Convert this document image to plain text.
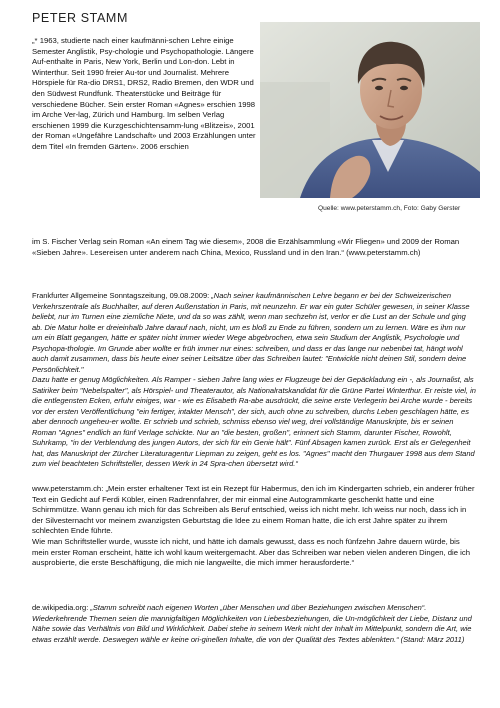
PETER STAMM

„* 1963, studierte nach einer kaufmänni-schen Lehre einige Semester Anglistik, Psy-chologie und Psychopathologie. Längere Auf-enthalte in Paris, New York, Berlin und Lon-don. Lebt in Winterthur. Seit 1990 freier Au-tor und Journalist. Mehrere Hörspiele für Ra-dio DRS1, DRS2, Radio Bremen, den WDR und den Südwest Rundfunk. Theaterstücke und Beiträge für verschiedene Bücher. Sein erster Roman «Agnes» erschien 1998 im Arche Ver-lag, Zürich und Hamburg. Im selben Verlag erschienen 1999 die Kurzgeschichtensamm-lung «Blitzeis», 2001 der Roman «Ungefähre Landschaft» und 2003 Erzählungen unter dem Titel «In fremden Gärten». 2006 erschien

Quelle: www.peterstamm.ch, Foto: Gaby Gerster

im S. Fischer Verlag sein Roman «An einem Tag wie diesem», 2008 die Erzählsammlung «Wir Fliegen» und 2009 der Roman «Sieben Jahre». Lesereisen unter anderem nach China, Mexico, Russland und in den Iran.“ (www.peterstamm.ch)

Frankfurter Allgemeine Sonntagszeitung, 09.08.2009: „Nach seiner kaufmännischen Lehre begann er bei der Schweizerischen Verkehrszentrale als Buchhalter, auf deren Außenstation in Paris, mit neunzehn. Er war ein guter Schüler gewesen, in seiner Klasse beliebt, nur im Turnen eine ziemliche Niete, und da so was zählt, wenn man sechzehn ist, verlor er die Lust an der Schule und ging ab. Die Matur holte er dreieinhalb Jahre darauf nach, nicht, um es bloß zu Ende zu führen, sondern um zu lernen. Wäre es ihm nur um ein Blatt gegangen, hätte er später nicht immer wieder Wege abgebrochen, etwa sein Studium der Anglistik, Psychologie und Psychopa-thologie. Im Grunde aber wollte er früh immer nur eines: schreiben, und dass er das lange nur nebenbei tat, hängt wohl auch damit zusammen, dass bis heute einer seiner Leitsätze über das Schreiben lautet: "Entwickle nicht deinen Stil, sondern deine Persönlichkeit."
Dazu hatte er genug Möglichkeiten. Als Ramper - sieben Jahre lang wies er Flugzeuge bei der Gepäckladung ein -, als Journalist, als Satiriker beim "Nebelspalter", als Hörspiel- und Theaterautor, als Nationalratskandidat für die Grüne Partei Winterthur. Er reiste viel, in die entlegensten Ecken, erfuhr einiges, war - wie es Elisabeth Ra-abe ausdrückt, die seine erste Verlegerin bei Arche wurde - bereits vor der ersten Veröffentlichung "ein fertiger, intakter Mensch", der sich, auch ohne zu schreiben, durchs Leben geschlagen hätte, es aber dennoch ungeheu-er wollte. Er schrieb und schrieb, schmiss ebenso viel weg, drei vollständige Manuskripte, bis er seinen Roman "Agnes" endlich an fünf Verlage schickte. Nur an "die besten, großen", erinnert sich Stamm, darunter Fischer, Rowohlt, Suhrkamp, "in der Verblendung des jungen Autors, der sich für ein Genie hält". Fünf Absagen kamen zurück. Erst als er Gelegenheit hat, das Manuskript der Zürcher Literaturagentur Liepman zu zeigen, geht es los. "Agnes" macht den Thurgauer 1998 aus dem Stand zum viel beachteten Schriftsteller, dessen Werk in 24 Spra-chen übersetzt wird.“

www.peterstamm.ch: „Mein erster erhaltener Text ist ein Rezept für Habermus, den ich im Kindergarten schrieb, ein anderer früher Text ein Gedicht auf Ferdi Kübler, einen Radrennfahrer, der mir einmal eine Autogrammkarte geschenkt hatte und eine Schirmmütze. Wann genau ich mich für das Schreiben als Beruf entschied, weiss ich nicht mehr. Ich weiss nur noch, dass ich in der Silvesternacht vor meinem zwanzigsten Geburtstag die Idee zu einem Roman hatte, die ich erst Jahre später zu ihrem schlechten Ende führte.

Wie man Schriftsteller wurde, wusste ich nicht, und hätte ich damals gewusst, dass es noch fünfzehn Jahre dauern würde, bis mein erster Roman erscheint, hätte ich wohl kaum weitergemacht. Aber das Schreiben war neben vielen anderen Dingen, die ich ausprobierte, die erste Beschäftigung, die mich nie langweilte, die mich immer herausforderte.“

de.wikipedia.org: „Stamm schreibt nach eigenen Worten „über Menschen und über Beziehungen zwischen Menschen“. Wiederkehrende Themen seien die mannigfaltigen Möglichkeiten von Liebesbeziehungen, die Un-möglichkeit der Liebe, Distanz und Nähe sowie das Verhältnis von Bild und Wirklichkeit. Dabei stehe in seinem Werk nicht der Inhalt im Mittelpunkt, sondern die Art, wie etwas erzählt werde. Deswegen wähle er keine ori-ginellen Inhalte, die von der Qualität des Textes ablenkten.“ (Stand: März 2011)
